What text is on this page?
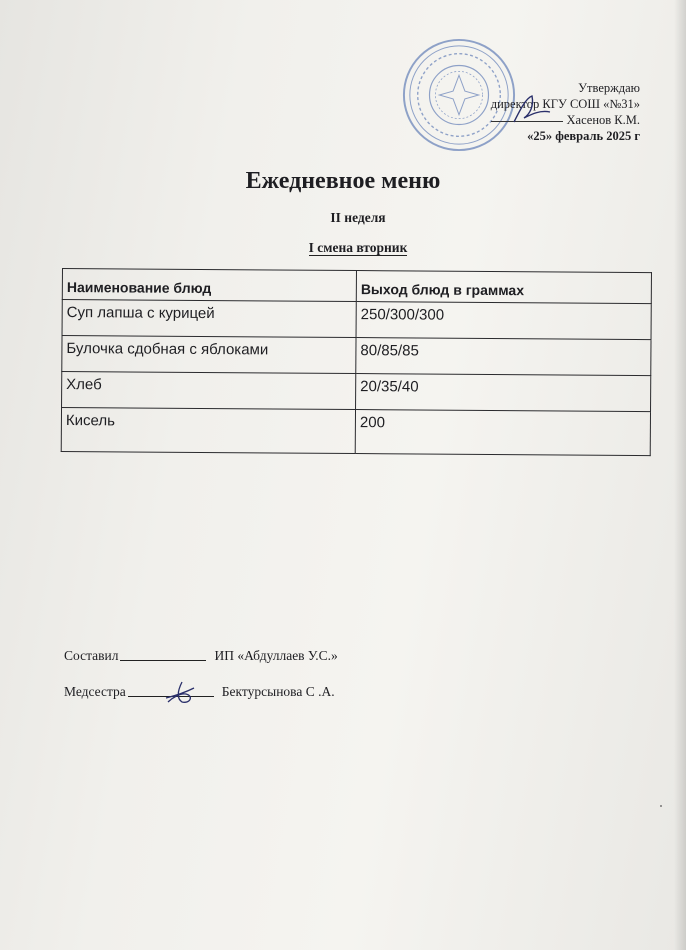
Утверждаю
директор КГУ СОШ «№31»
Хасенов К.М.
«25» февраль 2025 г
Ежедневное меню
II неделя
I смена вторник
Наименование блюд	Выход блюд в граммах
Суп лапша с курицей	250/300/300
Булочка сдобная с яблоками	80/85/85
Хлеб	20/35/40
Кисель	200
Составил	ИП «Абдуллаев У.С.»
Медсестра	Бектурсынова С .А.
